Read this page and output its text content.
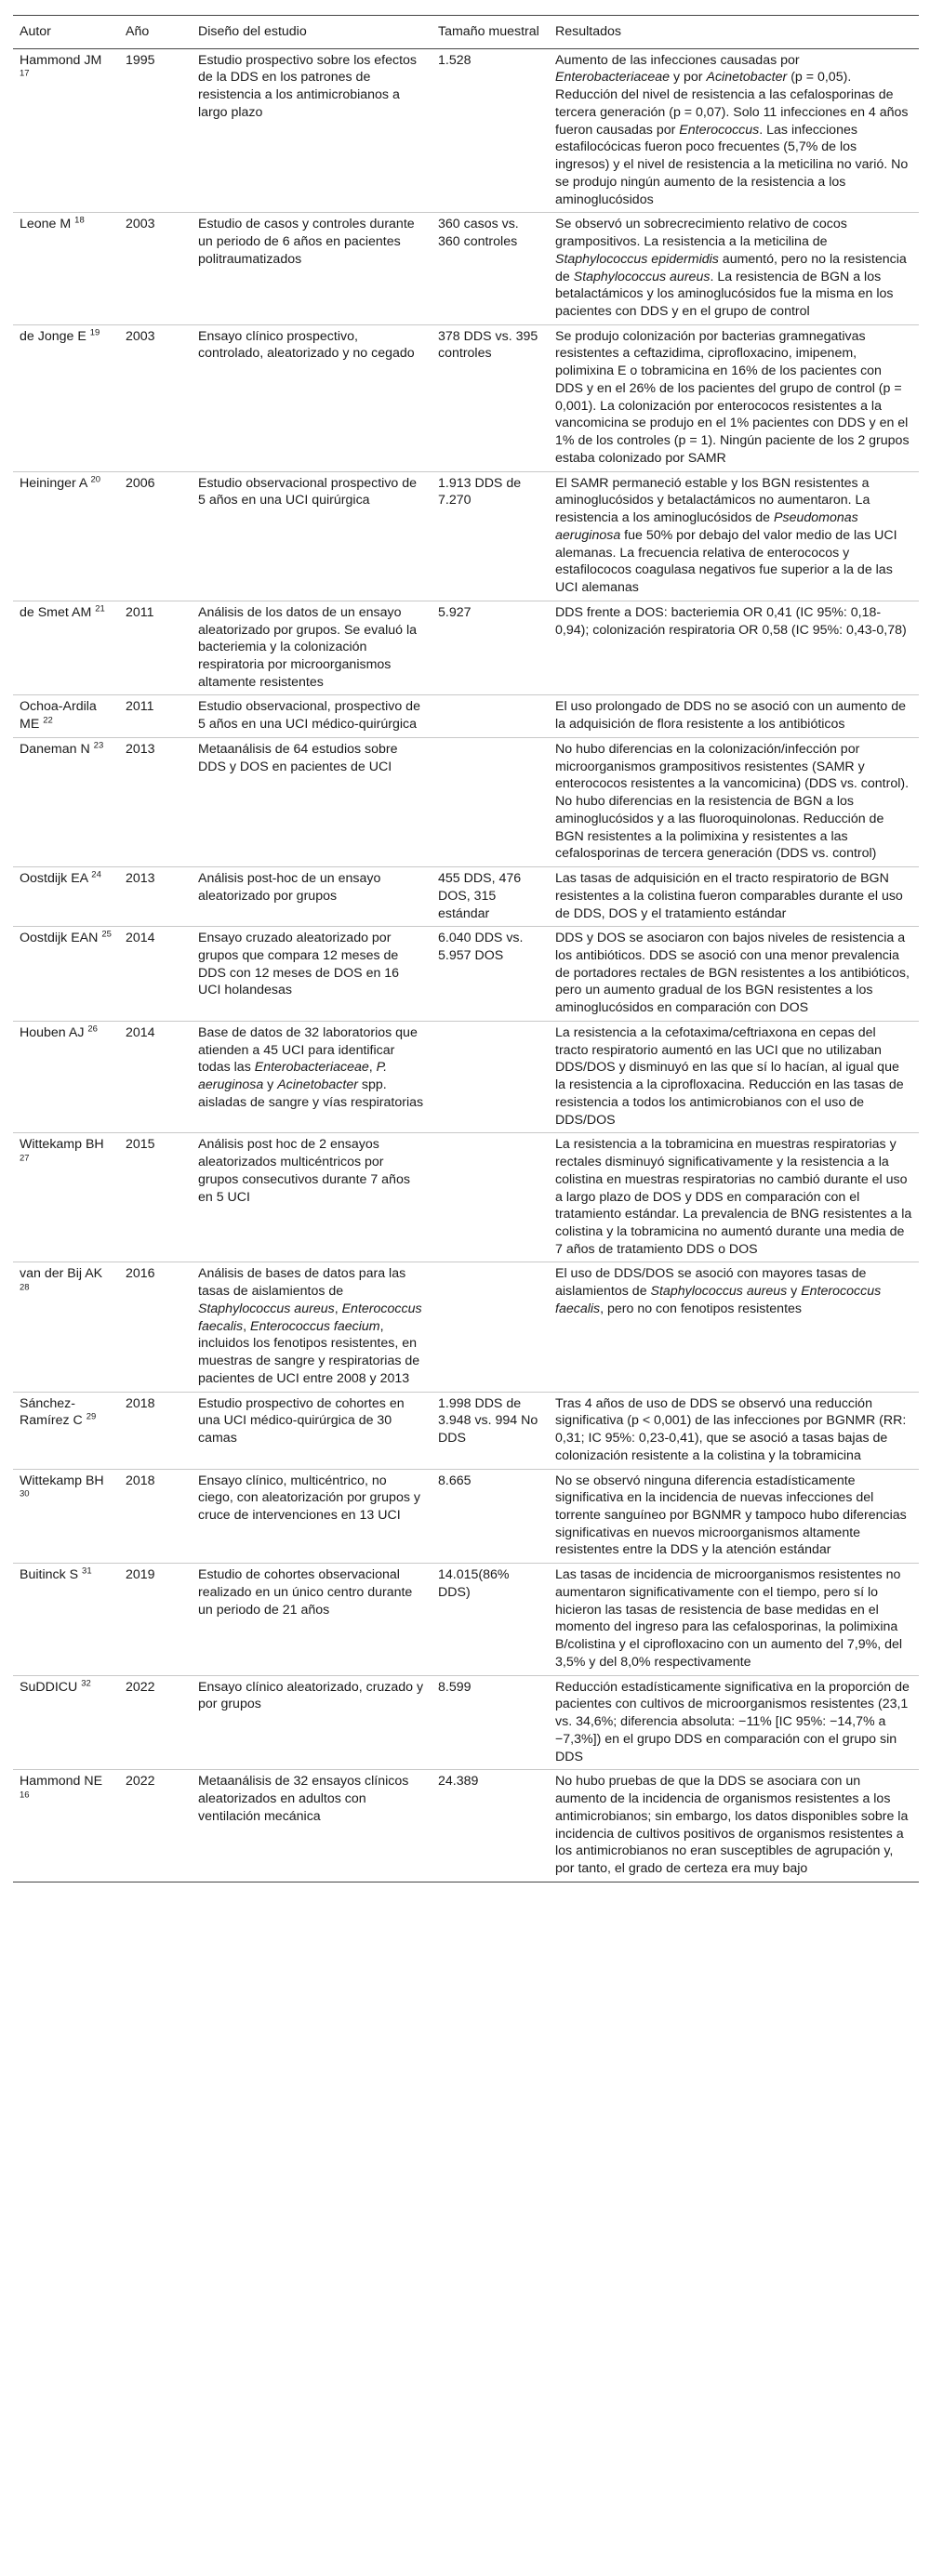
Autor	Año	Diseño del estudio	Tamaño muestral	Resultados
Hammond JM $^{17}$	1995	Estudio prospectivo sobre los efectos de la DDS en los patrones de resistencia a los antimicrobianos a largo plazo	1.528	Aumento de las infecciones causadas por Enterobacteriaceae y por Acinetobacter (p = 0,05). Reducción del nivel de resistencia a las cefalosporinas de tercera generación (p = 0,07). Solo 11 infecciones en 4 años fueron causadas por Enterococcus. Las infecciones estafilocócicas fueron poco frecuentes (5,7% de los ingresos) y el nivel de resistencia a la meticilina no varió. No se produjo ningún aumento de la resistencia a los aminoglucósidos
Leone M $^{18}$	2003	Estudio de casos y controles durante un periodo de 6 años en pacientes politraumatizados	360 casos vs. 360 controles	Se observó un sobrecrecimiento relativo de cocos grampositivos. La resistencia a la meticilina de Staphylococcus epidermidis aumentó, pero no la resistencia de Staphylococcus aureus. La resistencia de BGN a los betalactámicos y los aminoglucósidos fue la misma en los pacientes con DDS y en el grupo de control
de Jonge E $^{19}$	2003	Ensayo clínico prospectivo, controlado, aleatorizado y no cegado	378 DDS vs. 395 controles	Se produjo colonización por bacterias gramnegativas resistentes a ceftazidima, ciprofloxacino, imipenem, polimixina E o tobramicina en 16% de los pacientes con DDS y en el 26% de los pacientes del grupo de control (p = 0,001). La colonización por enterococos resistentes a la vancomicina se produjo en el 1% pacientes con DDS y en el 1% de los controles (p = 1). Ningún paciente de los 2 grupos estaba colonizado por SAMR
Heininger A $^{20}$	2006	Estudio observacional prospectivo de 5 años en una UCI quirúrgica	1.913 DDS de 7.270	El SAMR permaneció estable y los BGN resistentes a aminoglucósidos y betalactámicos no aumentaron. La resistencia a los aminoglucósidos de Pseudomonas aeruginosa fue 50% por debajo del valor medio de las UCI alemanas. La frecuencia relativa de enterococos y estafilococos coagulasa negativos fue superior a la de las UCI alemanas
de Smet AM $^{21}$	2011	Análisis de los datos de un ensayo aleatorizado por grupos. Se evaluó la bacteriemia y la colonización respiratoria por microorganismos altamente resistentes	5.927	DDS frente a DOS: bacteriemia OR 0,41 (IC 95%: 0,18-0,94); colonización respiratoria OR 0,58 (IC 95%: 0,43-0,78)
Ochoa-Ardila ME $^{22}$	2011	Estudio observacional, prospectivo de 5 años en una UCI médico-quirúrgica		El uso prolongado de DDS no se asoció con un aumento de la adquisición de flora resistente a los antibióticos
Daneman N $^{23}$	2013	Metaanálisis de 64 estudios sobre DDS y DOS en pacientes de UCI		No hubo diferencias en la colonización/infección por microorganismos grampositivos resistentes (SAMR y enterococos resistentes a la vancomicina) (DDS vs. control). No hubo diferencias en la resistencia de BGN a los aminoglucósidos y a las fluoroquinolonas. Reducción de BGN resistentes a la polimixina y resistentes a las cefalosporinas de tercera generación (DDS vs. control)
Oostdijk EA $^{24}$	2013	Análisis post-hoc de un ensayo aleatorizado por grupos	455 DDS, 476 DOS, 315 estándar	Las tasas de adquisición en el tracto respiratorio de BGN resistentes a la colistina fueron comparables durante el uso de DDS, DOS y el tratamiento estándar
Oostdijk EAN $^{25}$	2014	Ensayo cruzado aleatorizado por grupos que compara 12 meses de DDS con 12 meses de DOS en 16 UCI holandesas	6.040 DDS vs. 5.957 DOS	DDS y DOS se asociaron con bajos niveles de resistencia a los antibióticos. DDS se asoció con una menor prevalencia de portadores rectales de BGN resistentes a los antibióticos, pero un aumento gradual de los BGN resistentes a los aminoglucósidos en comparación con DOS
Houben AJ $^{26}$	2014	Base de datos de 32 laboratorios que atienden a 45 UCI para identificar todas las Enterobacteriaceae, P. aeruginosa y Acinetobacter spp. aisladas de sangre y vías respiratorias		La resistencia a la cefotaxima/ceftriaxona en cepas del tracto respiratorio aumentó en las UCI que no utilizaban DDS/DOS y disminuyó en las que sí lo hacían, al igual que la resistencia a la ciprofloxacina. Reducción en las tasas de resistencia a todos los antimicrobianos con el uso de DDS/DOS
Wittekamp BH $^{27}$	2015	Análisis post hoc de 2 ensayos aleatorizados multicéntricos por grupos consecutivos durante 7 años en 5 UCI		La resistencia a la tobramicina en muestras respiratorias y rectales disminuyó significativamente y la resistencia a la colistina en muestras respiratorias no cambió durante el uso a largo plazo de DOS y DDS en comparación con el tratamiento estándar. La prevalencia de BNG resistentes a la colistina y la tobramicina no aumentó durante una media de 7 años de tratamiento DDS o DOS
van der Bij AK $^{28}$	2016	Análisis de bases de datos para las tasas de aislamientos de Staphylococcus aureus, Enterococcus faecalis, Enterococcus faecium, incluidos los fenotipos resistentes, en muestras de sangre y respiratorias de pacientes de UCI entre 2008 y 2013		El uso de DDS/DOS se asoció con mayores tasas de aislamientos de Staphylococcus aureus y Enterococcus faecalis, pero no con fenotipos resistentes
Sánchez-Ramírez C $^{29}$	2018	Estudio prospectivo de cohortes en una UCI médico-quirúrgica de 30 camas	1.998 DDS de 3.948 vs. 994 No DDS	Tras 4 años de uso de DDS se observó una reducción significativa (p < 0,001) de las infecciones por BGNMR (RR: 0,31; IC 95%: 0,23-0,41), que se asoció a tasas bajas de colonización resistente a la colistina y la tobramicina
Wittekamp BH $^{30}$	2018	Ensayo clínico, multicéntrico, no ciego, con aleatorización por grupos y cruce de intervenciones en 13 UCI	8.665	No se observó ninguna diferencia estadísticamente significativa en la incidencia de nuevas infecciones del torrente sanguíneo por BGNMR y tampoco hubo diferencias significativas en nuevos microorganismos altamente resistentes entre la DDS y la atención estándar
Buitinck S $^{31}$	2019	Estudio de cohortes observacional realizado en un único centro durante un periodo de 21 años	14.015(86% DDS)	Las tasas de incidencia de microorganismos resistentes no aumentaron significativamente con el tiempo, pero sí lo hicieron las tasas de resistencia de base medidas en el momento del ingreso para las cefalosporinas, la polimixina B/colistina y el ciprofloxacino con un aumento del 7,9%, del 3,5% y del 8,0% respectivamente
SuDDICU $^{32}$	2022	Ensayo clínico aleatorizado, cruzado y por grupos	8.599	Reducción estadísticamente significativa en la proporción de pacientes con cultivos de microorganismos resistentes (23,1 vs. 34,6%; diferencia absoluta: −11% [IC 95%: −14,7% a −7,3%]) en el grupo DDS en comparación con el grupo sin DDS
Hammond NE $^{16}$	2022	Metaanálisis de 32 ensayos clínicos aleatorizados en adultos con ventilación mecánica	24.389	No hubo pruebas de que la DDS se asociara con un aumento de la incidencia de organismos resistentes a los antimicrobianos; sin embargo, los datos disponibles sobre la incidencia de cultivos positivos de organismos resistentes a los antimicrobianos no eran susceptibles de agrupación y, por tanto, el grado de certeza era muy bajo
